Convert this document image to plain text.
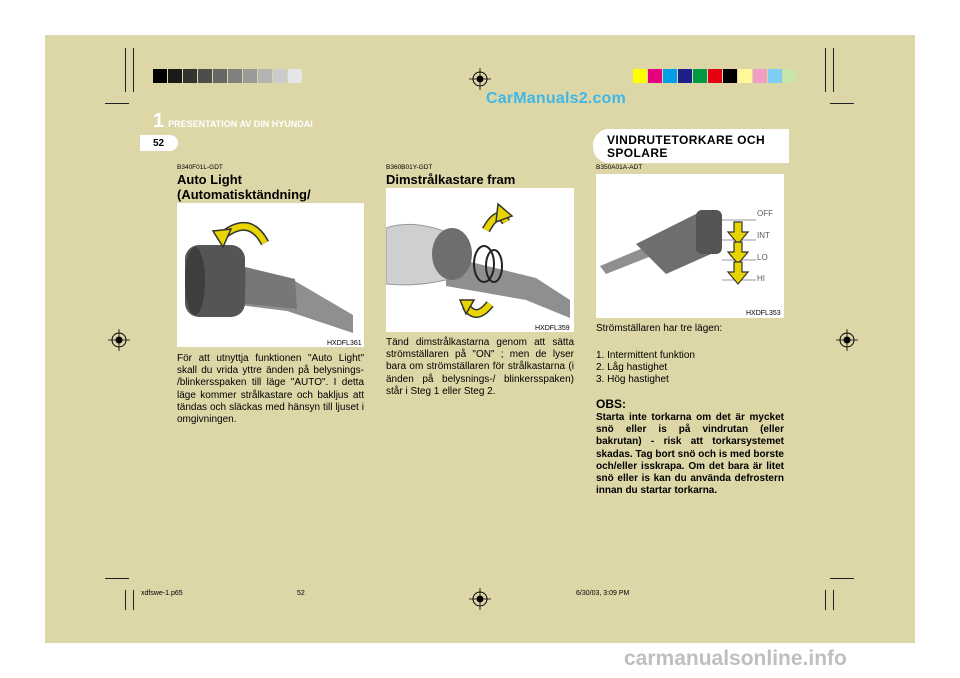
CarManuals2.com
1 PRESENTATION AV DIN HYUNDAI
52
B340F01L-GDT
Auto Light (Automatisktändning/
HXDFL361
För att utnyttja funktionen "Auto Light" skall du vrida yttre änden på belysnings- /blinkersspaken till läge "AUTO". I detta läge kommer strålkastare och bakljus att tändas och släckas med hänsyn till ljuset i omgivningen.
B360B01Y-GDT
Dimstrålkastare fram
HXDFL359
Tänd dimstrålkastarna genom att sätta strömställaren på "ON" ; men de lyser bara om strömställaren för strålkastarna (i änden på belysnings-/ blinkersspaken) står i Steg 1 eller Steg 2.
VINDRUTETORKARE OCH SPOLARE
B350A01A-ADT
OFF
INT
LO
HI
HXDFL353
Strömställaren har tre lägen:
1. Intermittent funktion
2. Låg hastighet
3. Hög hastighet
OBS:
Starta inte torkarna om det är mycket snö eller is på vindrutan (eller bakrutan) - risk att torkarsystemet skadas. Tag bort snö och is med borste och/eller isskrapa. Om det bara är litet snö eller is kan du använda defrostern innan du startar torkarna.
xdfswe-1.p65	52	6/30/03, 3:09 PM
carmanualsonline.info
